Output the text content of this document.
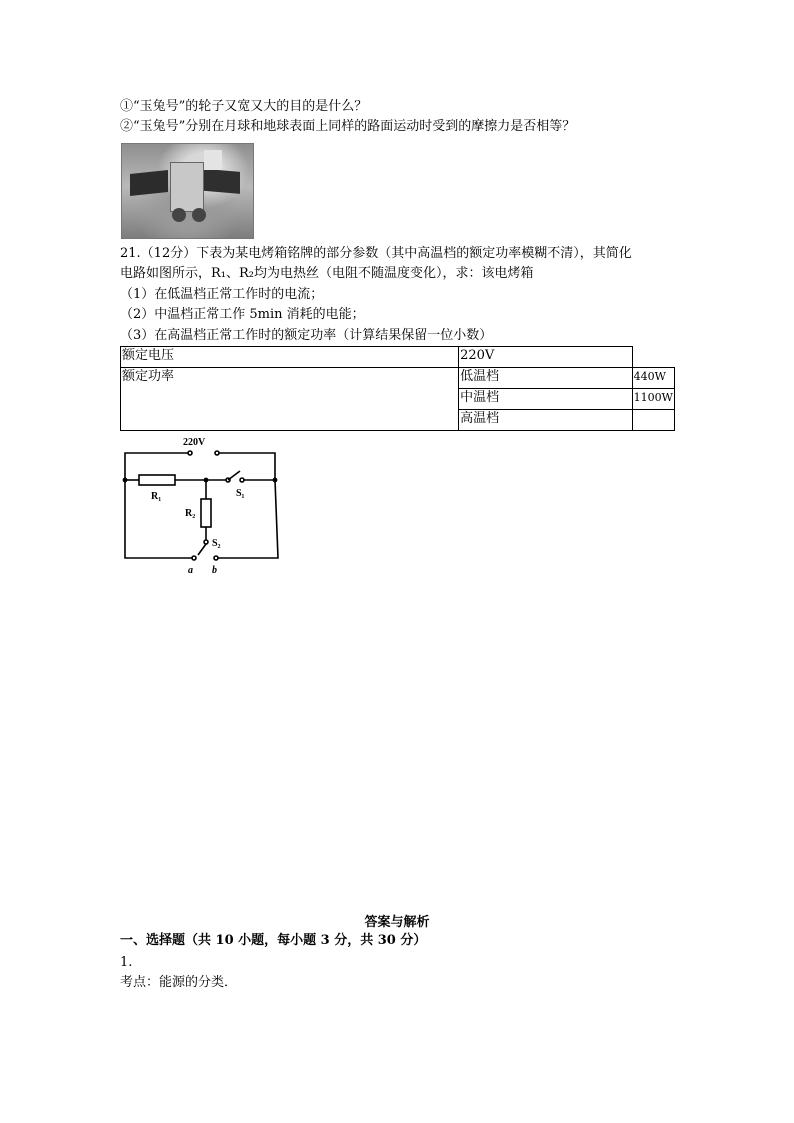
①“玉兔号”的轮子又宽又大的目的是什么？
②“玉兔号”分别在月球和地球表面上同样的路面运动时受到的摩擦力是否相等？
21.（12分）下表为某电烤箱铭牌的部分参数（其中高温档的额定功率模糊不清），其简化
电路如图所示，R₁、R₂均为电热丝（电阻不随温度变化），求：该电烤箱
（1）在低温档正常工作时的电流；
（2）中温档正常工作 5min 消耗的电能；
（3）在高温档正常工作时的额定功率（计算结果保留一位小数）
额定电压	220V	
额定功率	低温档	440W
	中温档	1100W
	高温档	
220V
R₁	S₁
R₂
S₂
a b
答案与解析
一、选择题（共 10 小题，每小题 3 分，共 30 分）
1.
考点：能源的分类．
